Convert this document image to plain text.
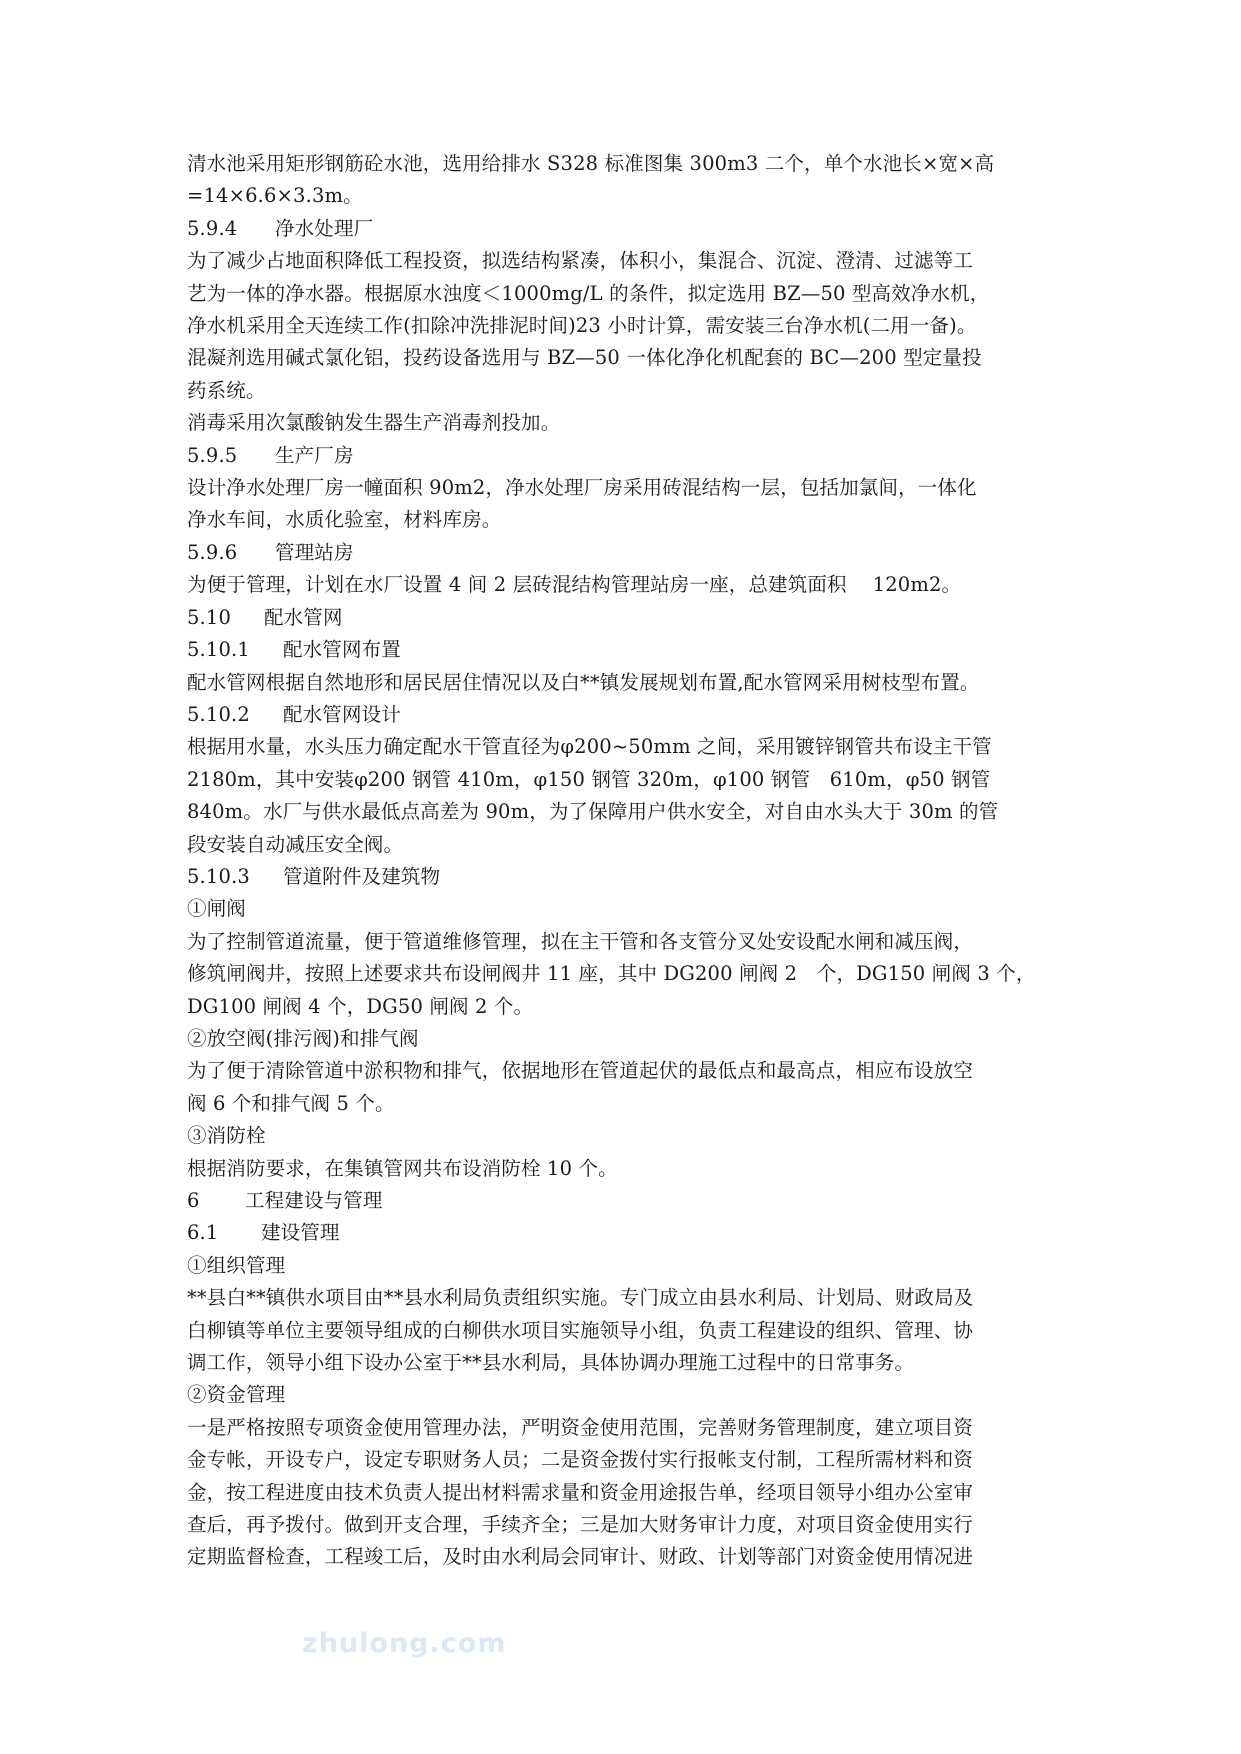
清水池采用矩形钢筋砼水池，选用给排水 S328 标准图集 300m3 二个，单个水池长×宽×高
=14×6.6×3.3m。
5.9.4 净水处理厂
为了减少占地面积降低工程投资，拟选结构紧凑，体积小，集混合、沉淀、澄清、过滤等工
艺为一体的净水器。根据原水浊度＜1000mg/L 的条件，拟定选用 BZ—50 型高效净水机，
净水机采用全天连续工作(扣除冲洗排泥时间)23 小时计算，需安装三台净水机(二用一备)。
混凝剂选用碱式氯化铝，投药设备选用与 BZ—50 一体化净化机配套的 BC—200 型定量投
药系统。
消毒采用次氯酸钠发生器生产消毒剂投加。
5.9.5 生产厂房
设计净水处理厂房一幢面积 90m2，净水处理厂房采用砖混结构一层，包括加氯间，一体化
净水车间，水质化验室，材料库房。
5.9.6 管理站房
为便于管理，计划在水厂设置 4 间 2 层砖混结构管理站房一座，总建筑面积　 120m2。
5.10 配水管网
5.10.1 配水管网布置
配水管网根据自然地形和居民居住情况以及白**镇发展规划布置,配水管网采用树枝型布置。
5.10.2 配水管网设计
根据用水量，水头压力确定配水干管直径为φ200~50mm 之间，采用镀锌钢管共布设主干管
2180m，其中安装φ200 钢管 410m，φ150 钢管 320m，φ100 钢管　610m，φ50 钢管
840m。水厂与供水最低点高差为 90m，为了保障用户供水安全，对自由水头大于 30m 的管
段安装自动减压安全阀。
5.10.3 管道附件及建筑物
①闸阀
为了控制管道流量，便于管道维修管理，拟在主干管和各支管分叉处安设配水闸和减压阀，
修筑闸阀井，按照上述要求共布设闸阀井 11 座，其中 DG200 闸阀 2　个，DG150 闸阀 3 个，
DG100 闸阀 4 个，DG50 闸阀 2 个。
②放空阀(排污阀)和排气阀
为了便于清除管道中淤积物和排气，依据地形在管道起伏的最低点和最高点，相应布设放空
阀 6 个和排气阀 5 个。
③消防栓
根据消防要求，在集镇管网共布设消防栓 10 个。
6 工程建设与管理
6.1 建设管理
①组织管理
**县白**镇供水项目由**县水利局负责组织实施。专门成立由县水利局、计划局、财政局及
白柳镇等单位主要领导组成的白柳供水项目实施领导小组，负责工程建设的组织、管理、协
调工作，领导小组下设办公室于**县水利局，具体协调办理施工过程中的日常事务。
②资金管理
一是严格按照专项资金使用管理办法，严明资金使用范围，完善财务管理制度，建立项目资
金专帐，开设专户，设定专职财务人员；二是资金拨付实行报帐支付制，工程所需材料和资
金，按工程进度由技术负责人提出材料需求量和资金用途报告单，经项目领导小组办公室审
查后，再予拨付。做到开支合理，手续齐全；三是加大财务审计力度，对项目资金使用实行
定期监督检查，工程竣工后，及时由水利局会同审计、财政、计划等部门对资金使用情况进
zhulong.com
